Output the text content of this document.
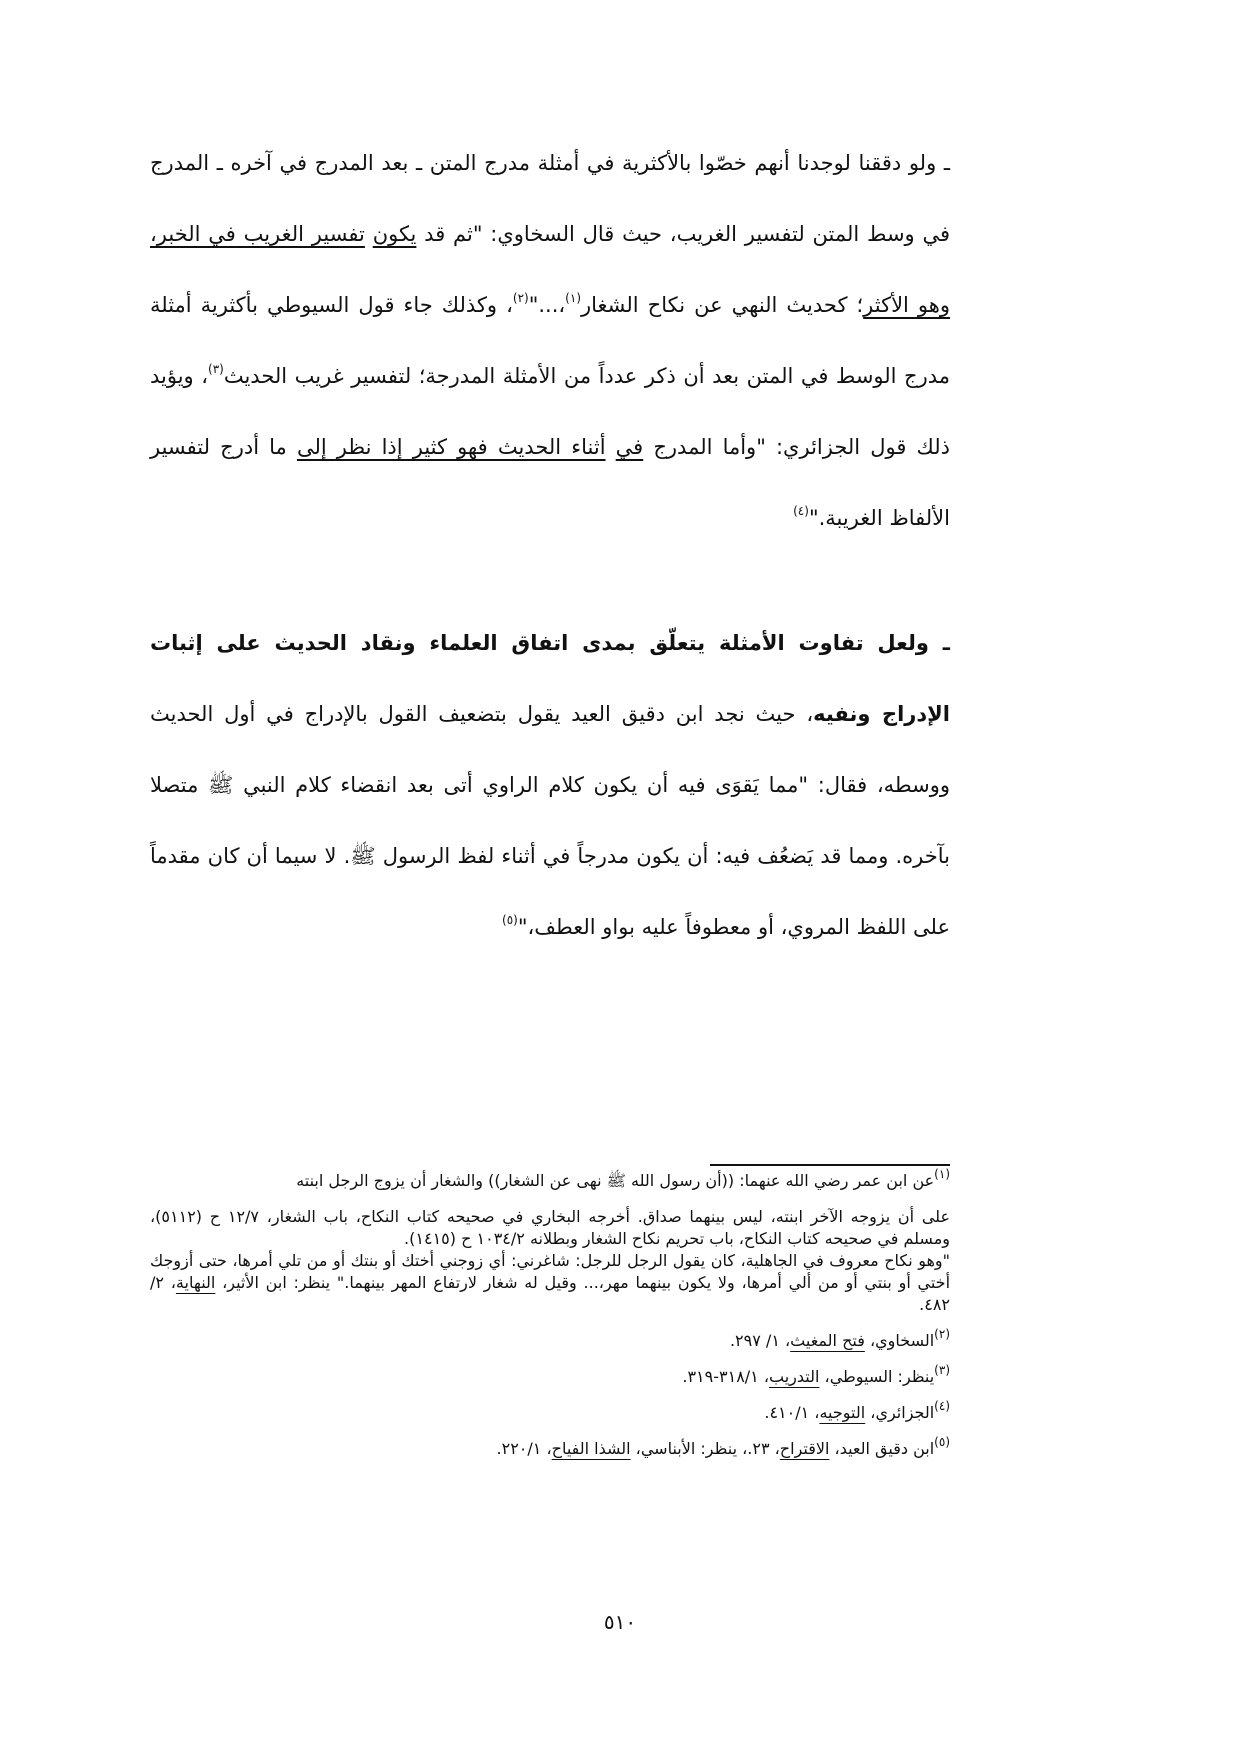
ـ ولو دققنا لوجدنا أنهم خصّوا بالأكثرية في أمثلة مدرج المتن ـ بعد المدرج في آخره ـ المدرج في وسط المتن لتفسير الغريب، حيث قال السخاوي: "ثم قد يكون تفسير الغريب في الخبر، وهو الأكثر؛ كحديث النهي عن نكاح الشغار$^{(١)}$،..."$^{(٢)}$، وكذلك جاء قول السيوطي بأكثرية أمثلة مدرج الوسط في المتن بعد أن ذكر عدداً من الأمثلة المدرجة؛ لتفسير غريب الحديث$^{(٣)}$، ويؤيد ذلك قول الجزائري: "وأما المدرج في أثناء الحديث فهو كثير إذا نظر إلى ما أدرج لتفسير الألفاظ الغريبة."$^{(٤)}$
ـ ولعل تفاوت الأمثلة يتعلّق بمدى اتفاق العلماء ونقاد الحديث على إثبات الإدراج ونفيه، حيث نجد ابن دقيق العيد يقول بتضعيف القول بالإدراج في أول الحديث ووسطه، فقال: "مما يَقوَى فيه أن يكون كلام الراوي أتى بعد انقضاء كلام النبي ﷺ متصلا بآخره. ومما قد يَضعُف فيه: أن يكون مدرجاً في أثناء لفظ الرسول ﷺ. لا سيما أن كان مقدماً على اللفظ المروي، أو معطوفاً عليه بواو العطف،"$^{(٥)}$
$^{(١)}$عن ابن عمر رضي الله عنهما: ((أن رسول الله ﷺ نهى عن الشغار)) والشغار أن يزوج الرجل ابنته
على أن يزوجه الآخر ابنته، ليس بينهما صداق. أخرجه البخاري في صحيحه كتاب النكاح، باب الشغار، ١٢/٧ ح (٥١١٢)، ومسلم في صحيحه كتاب النكاح، باب تحريم نكاح الشغار وبطلانه ١٠٣٤/٢ ح (١٤١٥).
"وهو نكاح معروف في الجاهلية، كان يقول الرجل للرجل: شاغرني: أي زوجني أختك أو بنتك أو من تلي أمرها، حتى أزوجك أختي أو بنتي أو من ألي أمرها، ولا يكون بينهما مهر،... وقيل له شغار لارتفاع المهر بينهما." ينظر: ابن الأثير، النهاية، ٢/ ٤٨٢.
$^{(٢)}$السخاوي، فتح المغيث، ١/ ٢٩٧.
$^{(٣)}$ينظر: السيوطي، التدريب، ٣١٨/١-٣١٩.
$^{(٤)}$الجزائري، التوجيه، ٤١٠/١.
$^{(٥)}$ابن دقيق العيد، الاقتراح، ٢٣.، ينظر: الأبناسي، الشذا الفياح، ٢٢٠/١.
٥١٠
